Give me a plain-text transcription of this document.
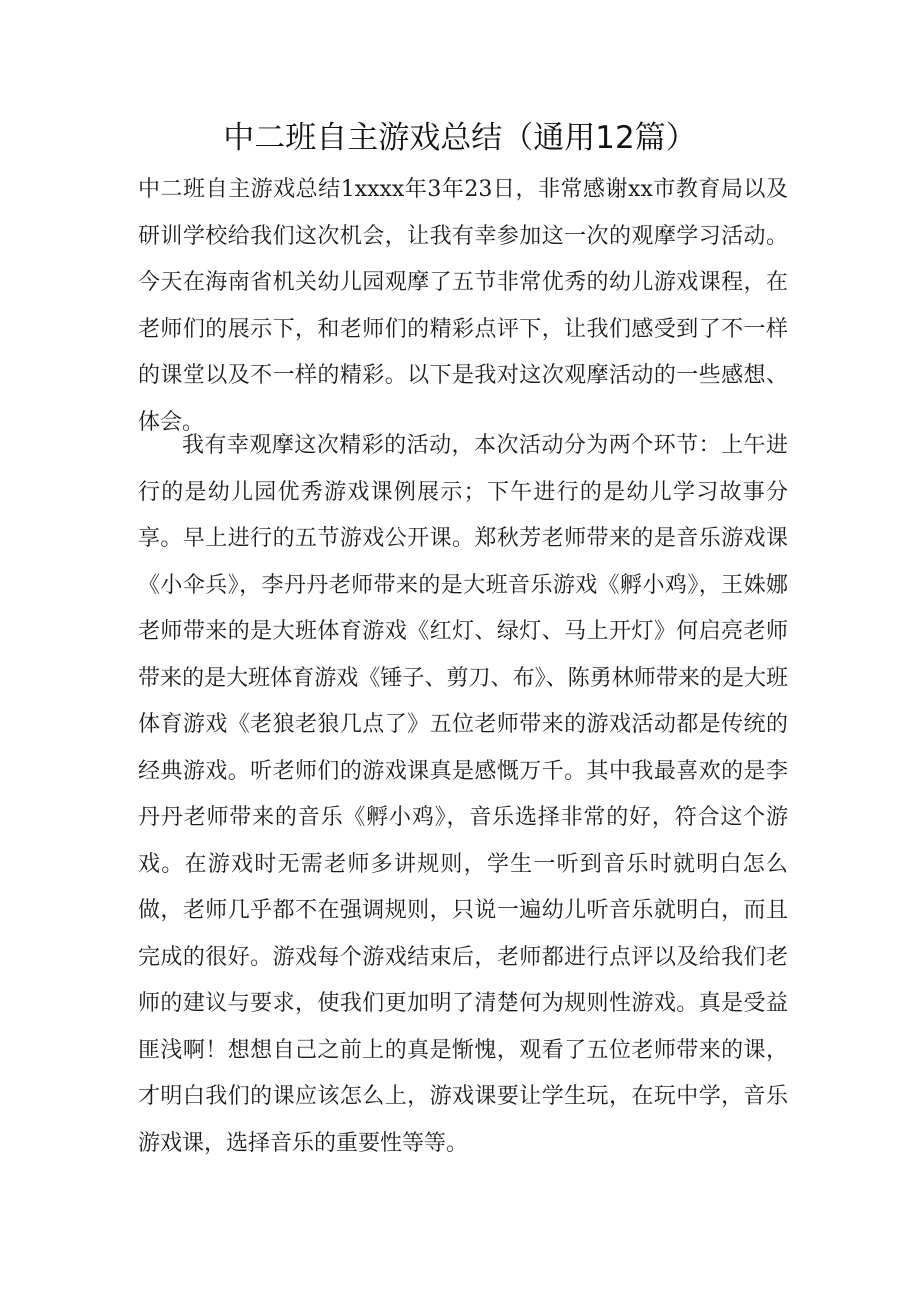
中二班自主游戏总结（通用12篇）

中二班自主游戏总结1xxxx年3年23日，非常感谢xx市教育局以及研训学校给我们这次机会，让我有幸参加这一次的观摩学习活动。今天在海南省机关幼儿园观摩了五节非常优秀的幼儿游戏课程，在老师们的展示下，和老师们的精彩点评下，让我们感受到了不一样的课堂以及不一样的精彩。以下是我对这次观摩活动的一些感想、体会。

我有幸观摩这次精彩的活动，本次活动分为两个环节：上午进行的是幼儿园优秀游戏课例展示；下午进行的是幼儿学习故事分享。早上进行的五节游戏公开课。郑秋芳老师带来的是音乐游戏课《小伞兵》，李丹丹老师带来的是大班音乐游戏《孵小鸡》，王姝娜老师带来的是大班体育游戏《红灯、绿灯、马上开灯》何启亮老师带来的是大班体育游戏《锤子、剪刀、布》、陈勇林师带来的是大班体育游戏《老狼老狼几点了》五位老师带来的游戏活动都是传统的经典游戏。听老师们的游戏课真是感慨万千。其中我最喜欢的是李丹丹老师带来的音乐《孵小鸡》，音乐选择非常的好，符合这个游戏。在游戏时无需老师多讲规则，学生一听到音乐时就明白怎么做，老师几乎都不在强调规则，只说一遍幼儿听音乐就明白，而且完成的很好。游戏每个游戏结束后，老师都进行点评以及给我们老师的建议与要求，使我们更加明了清楚何为规则性游戏。真是受益匪浅啊！想想自己之前上的真是惭愧，观看了五位老师带来的课，才明白我们的课应该怎么上，游戏课要让学生玩，在玩中学，音乐游戏课，选择音乐的重要性等等。
